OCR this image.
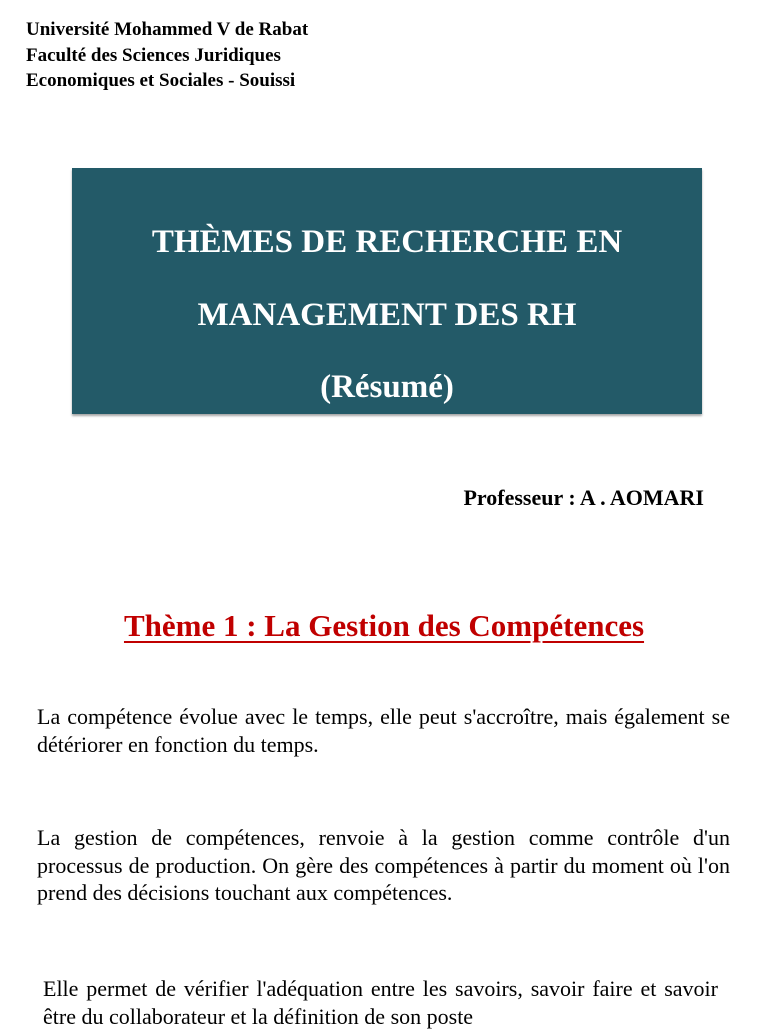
Université Mohammed V de Rabat
Faculté des Sciences Juridiques
Economiques et Sociales - Souissi
THÈMES DE RECHERCHE EN
MANAGEMENT DES RH
(Résumé)
Professeur : A . AOMARI
Thème 1 : La Gestion des Compétences
La compétence évolue avec le temps, elle peut s'accroître, mais également se détériorer en fonction du temps.
La gestion de compétences, renvoie à la gestion comme contrôle d'un processus de production. On gère des compétences à partir du moment où l'on prend des décisions touchant aux compétences.
Elle permet de vérifier l'adéquation entre les savoirs, savoir faire et savoir être du collaborateur et la définition de son poste
